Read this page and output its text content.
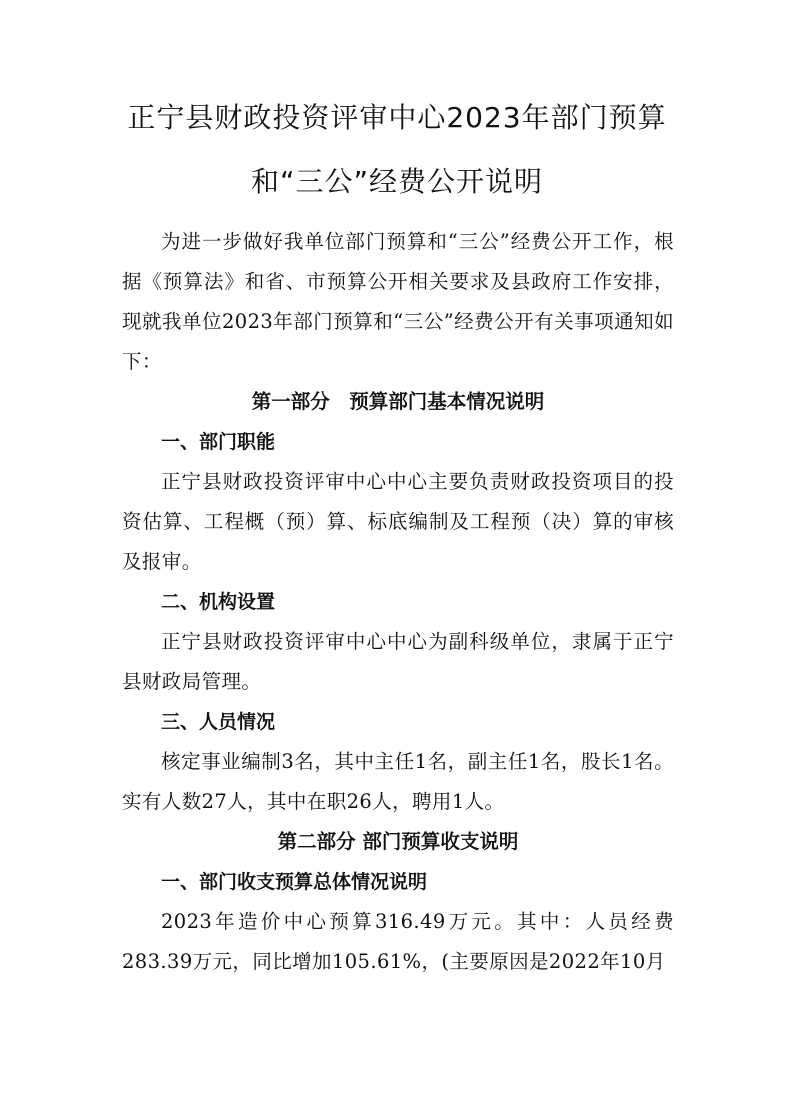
正宁县财政投资评审中心2023年部门预算
和“三公”经费公开说明

为进一步做好我单位部门预算和“三公”经费公开工作，根据《预算法》和省、市预算公开相关要求及县政府工作安排，现就我单位2023年部门预算和“三公”经费公开有关事项通知如下：

第一部分　预算部门基本情况说明
一、部门职能

正宁县财政投资评审中心中心主要负责财政投资项目的投资估算、工程概（预）算、标底编制及工程预（决）算的审核及报审。

二、机构设置

正宁县财政投资评审中心中心为副科级单位，隶属于正宁县财政局管理。

三、人员情况

核定事业编制3名，其中主任1名，副主任1名，股长1名。实有人数27人，其中在职26人，聘用1人。

第二部分 部门预算收支说明
一、部门收支预算总体情况说明

2023年造价中心预算316.49万元。其中：人员经费283.39万元，同比增加105.61%，(主要原因是2022年10月
